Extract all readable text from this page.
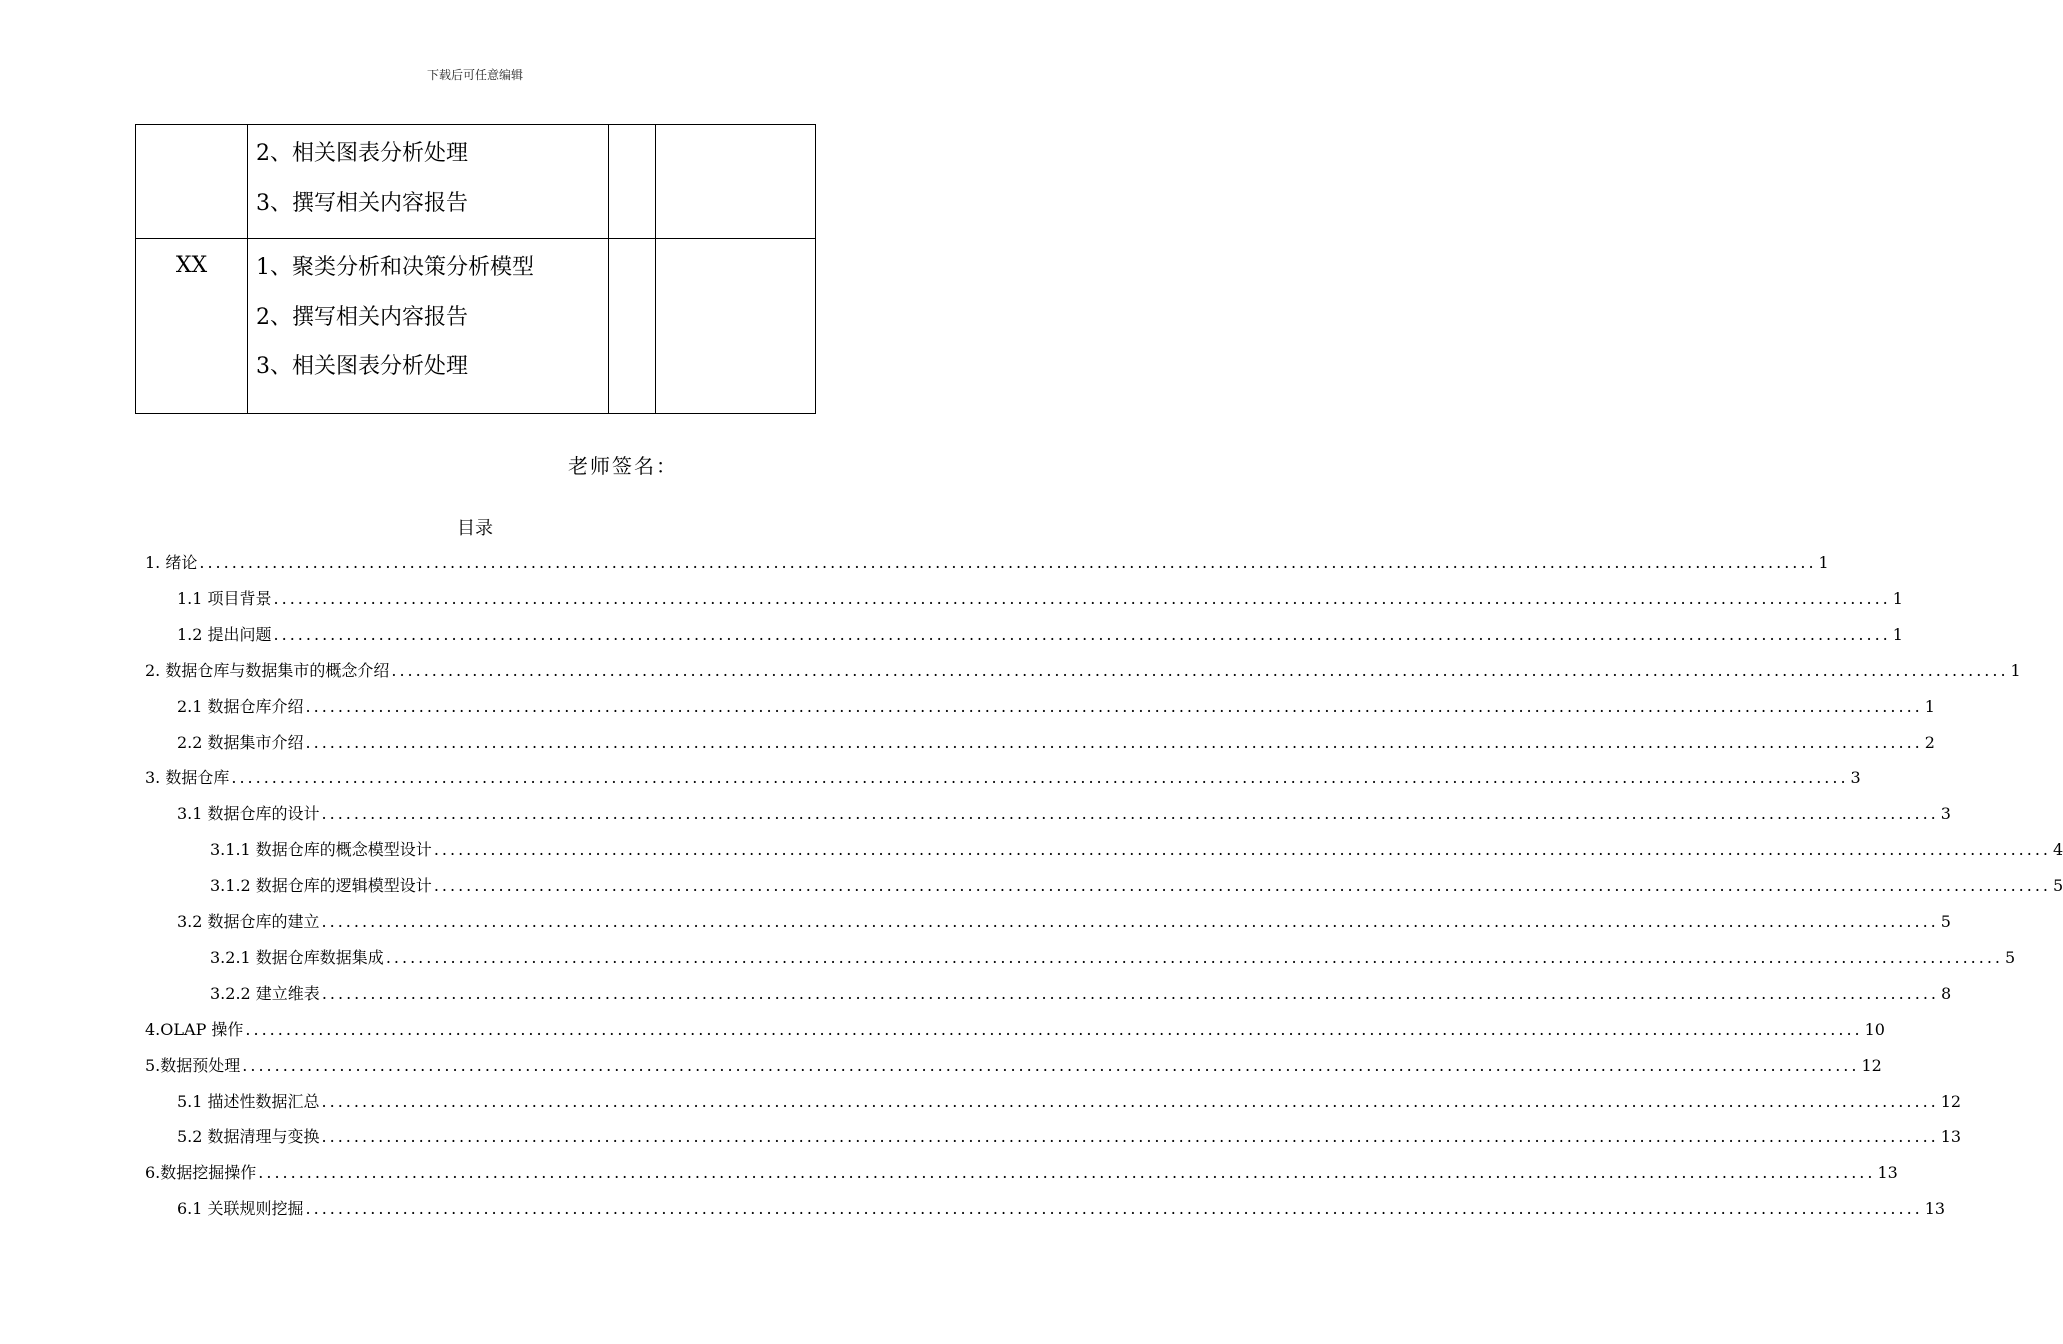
下载后可任意编辑

	2、相关图表分析处理
3、撰写相关内容报告		

XX	1、聚类分析和决策分析模型
2、撰写相关内容报告
3、相关图表分析处理		

老师签名：
目录
1. 绪论 ........................................................................................................................................................................................................ 1
1.1 项目背景 ........................................................................................................................................................................................................ 1
1.2 提出问题 ........................................................................................................................................................................................................ 1
2. 数据仓库与数据集市的概念介绍 ........................................................................................................................................................................................................ 1
2.1 数据仓库介绍 ........................................................................................................................................................................................................ 1
2.2 数据集市介绍 ........................................................................................................................................................................................................ 2
3. 数据仓库 ........................................................................................................................................................................................................ 3
3.1 数据仓库的设计 ........................................................................................................................................................................................................ 3
3.1.1 数据仓库的概念模型设计 ........................................................................................................................................................................................................ 4
3.1.2 数据仓库的逻辑模型设计 ........................................................................................................................................................................................................ 5
3.2 数据仓库的建立 ........................................................................................................................................................................................................ 5
3.2.1 数据仓库数据集成 ........................................................................................................................................................................................................ 5
3.2.2 建立维表 ........................................................................................................................................................................................................ 8
4.OLAP 操作 ........................................................................................................................................................................................................ 10
5.数据预处理 ........................................................................................................................................................................................................ 12
5.1 描述性数据汇总 ........................................................................................................................................................................................................ 12
5.2 数据清理与变换 ........................................................................................................................................................................................................ 13
6.数据挖掘操作 ........................................................................................................................................................................................................ 13
6.1 关联规则挖掘 ........................................................................................................................................................................................................ 13
